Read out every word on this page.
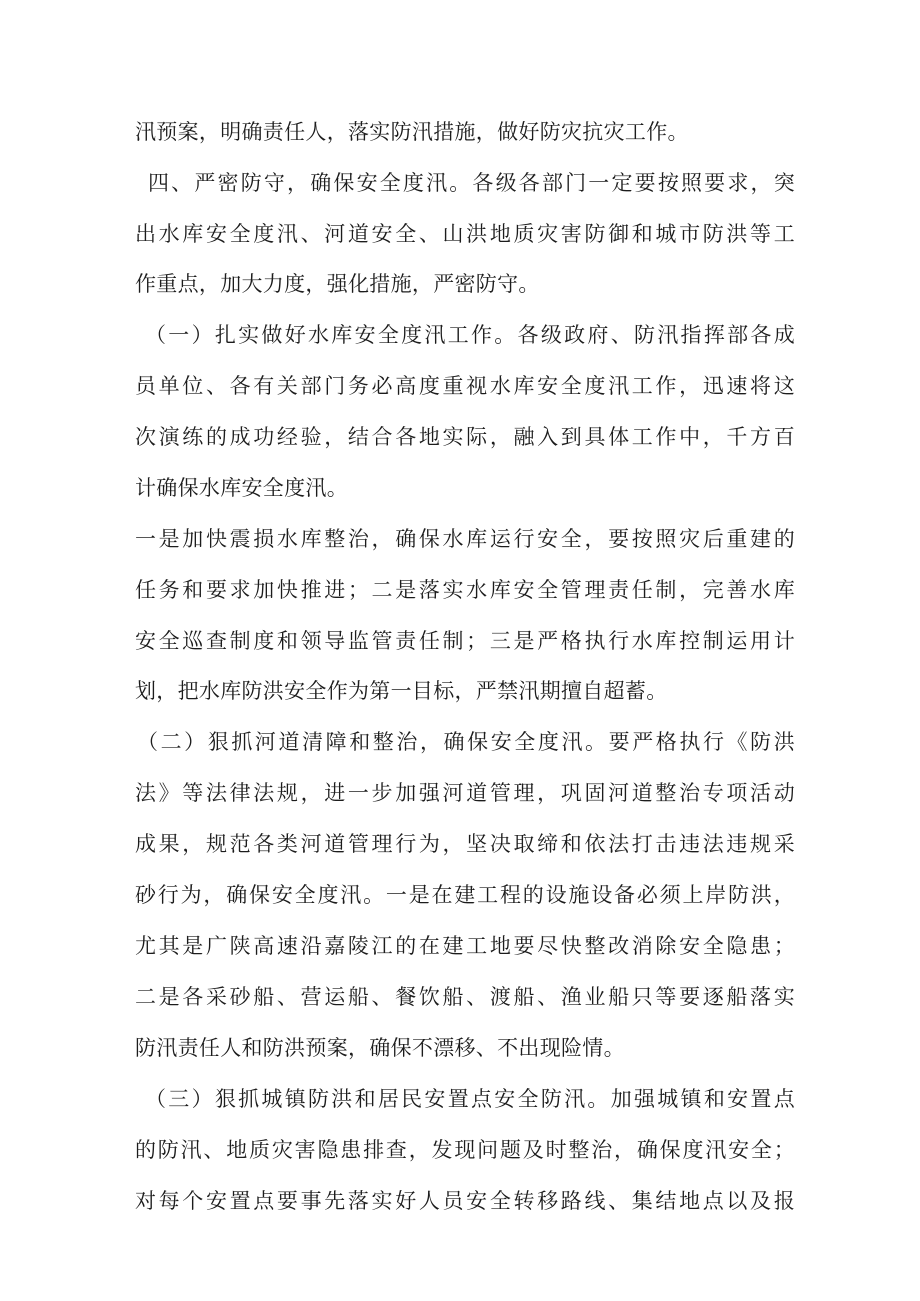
汛预案，明确责任人，落实防汛措施，做好防灾抗灾工作。
四、严密防守，确保安全度汛。各级各部门一定要按照要求，突
出水库安全度汛、河道安全、山洪地质灾害防御和城市防洪等工
作重点，加大力度，强化措施，严密防守。
（一）扎实做好水库安全度汛工作。各级政府、防汛指挥部各成
员单位、各有关部门务必高度重视水库安全度汛工作，迅速将这
次演练的成功经验，结合各地实际，融入到具体工作中，千方百
计确保水库安全度汛。
一是加快震损水库整治，确保水库运行安全，要按照灾后重建的
任务和要求加快推进；二是落实水库安全管理责任制，完善水库
安全巡查制度和领导监管责任制；三是严格执行水库控制运用计
划，把水库防洪安全作为第一目标，严禁汛期擅自超蓄。
（二）狠抓河道清障和整治，确保安全度汛。要严格执行《防洪
法》等法律法规，进一步加强河道管理，巩固河道整治专项活动
成果，规范各类河道管理行为，坚决取缔和依法打击违法违规采
砂行为，确保安全度汛。一是在建工程的设施设备必须上岸防洪，
尤其是广陕高速沿嘉陵江的在建工地要尽快整改消除安全隐患；
二是各采砂船、营运船、餐饮船、渡船、渔业船只等要逐船落实
防汛责任人和防洪预案，确保不漂移、不出现险情。
（三）狠抓城镇防洪和居民安置点安全防汛。加强城镇和安置点
的防汛、地质灾害隐患排查，发现问题及时整治，确保度汛安全；
对每个安置点要事先落实好人员安全转移路线、集结地点以及报
